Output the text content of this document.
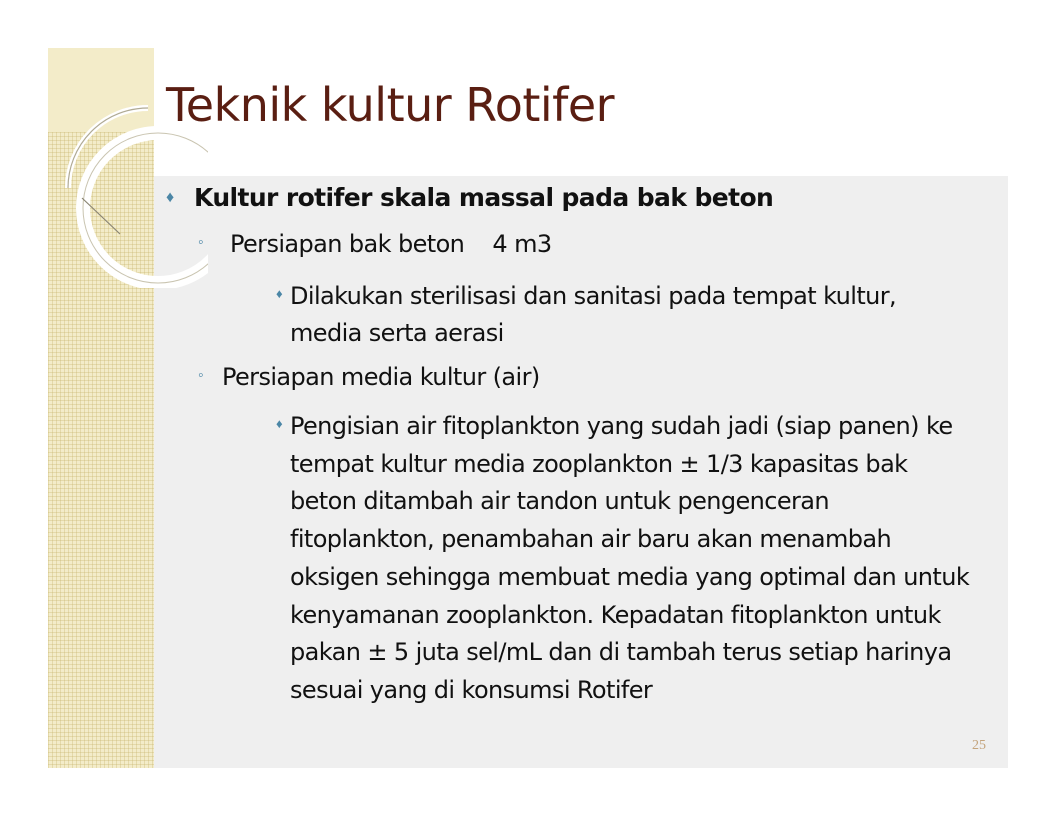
Teknik kultur Rotifer
♦ Kultur rotifer skala massal pada bak beton
◦ Persiapan bak beton    4 m3
♦ Dilakukan sterilisasi dan sanitasi pada tempat kultur, media serta aerasi
◦ Persiapan media kultur (air)
♦ Pengisian air fitoplankton yang sudah jadi (siap panen) ke tempat kultur media zooplankton ± 1/3 kapasitas bak beton ditambah air tandon untuk pengenceran fitoplankton, penambahan air baru akan menambah oksigen sehingga membuat media yang optimal dan untuk kenyamanan zooplankton. Kepadatan fitoplankton untuk pakan ± 5 juta sel/mL dan di tambah terus setiap harinya sesuai yang di konsumsi Rotifer
25
